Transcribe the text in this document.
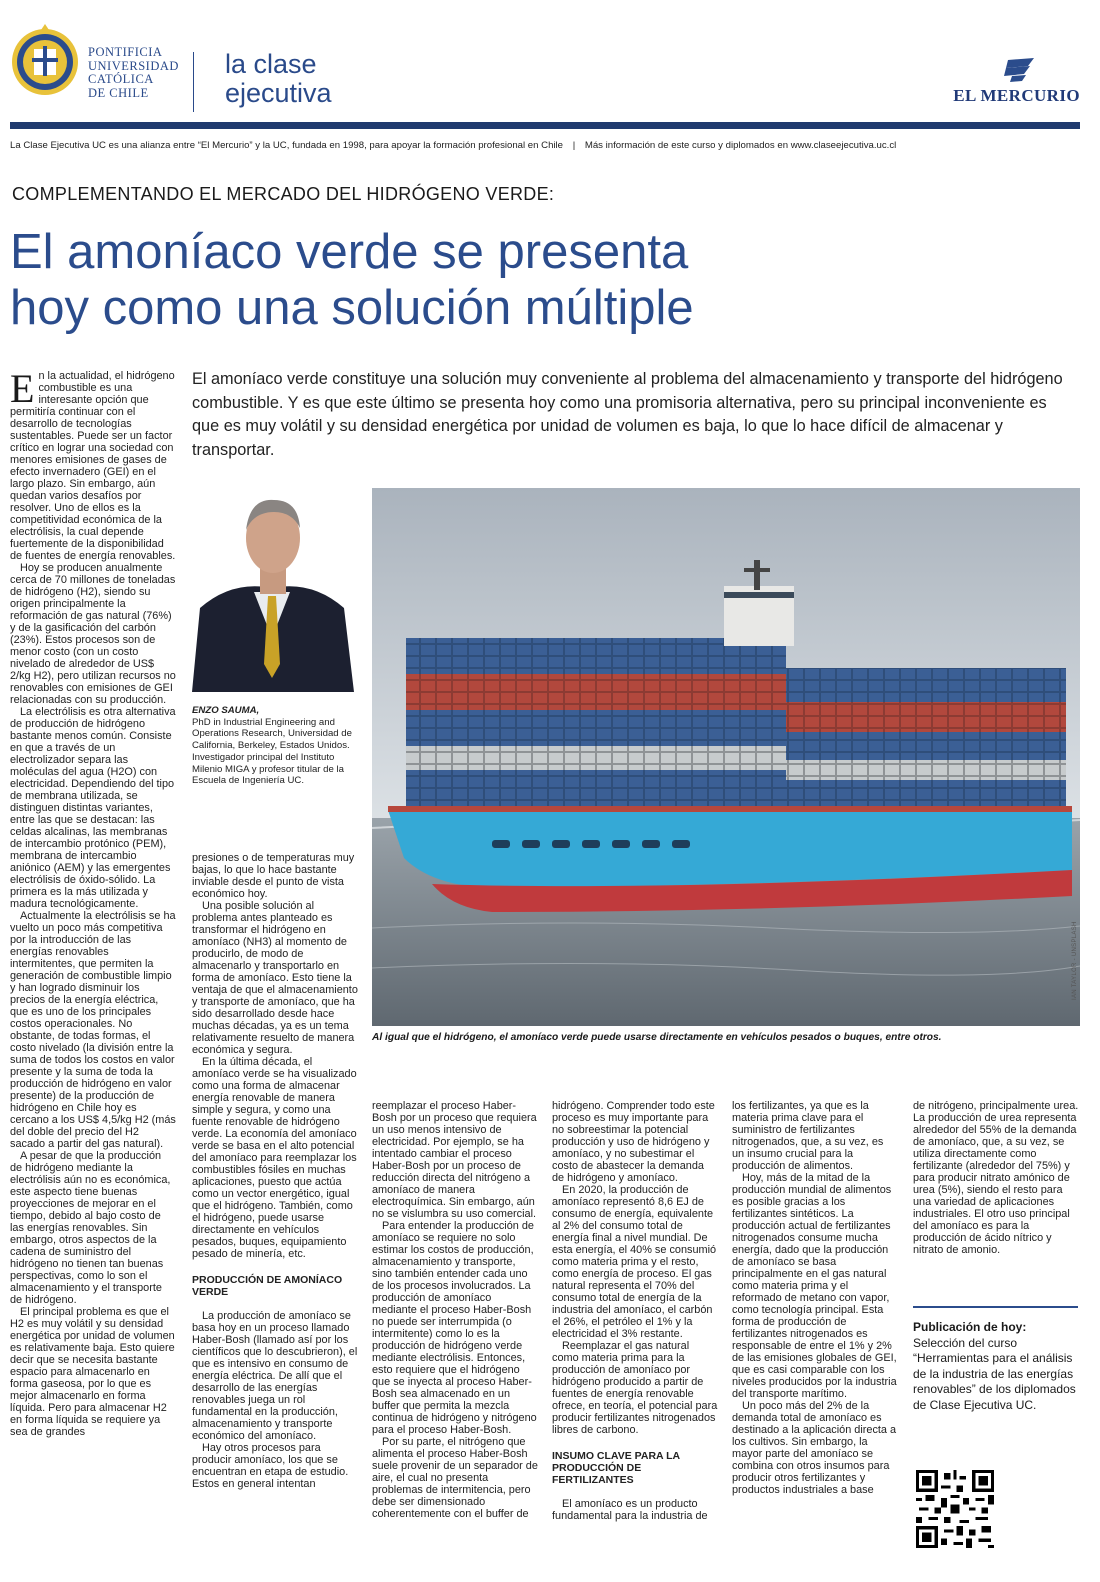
PONTIFICIA
UNIVERSIDAD
CATÓLICA
DE CHILE
la clase
ejecutiva	EL MERCURIO
La Clase Ejecutiva UC es una alianza entre “El Mercurio” y la UC, fundada en 1998, para apoyar la formación profesional en Chile | Más información de este curso y diplomados en www.claseejecutiva.uc.cl
COMPLEMENTANDO EL MERCADO DEL HIDRÓGENO VERDE:
El amoníaco verde se presenta
hoy como una solución múltiple
El amoníaco verde constituye una solución muy conveniente al problema del almacenamiento y transporte del hidrógeno combustible. Y es que este último se presenta hoy como una promisoria alternativa, pero su principal inconveniente es que es muy volátil y su densidad energética por unidad de volumen es baja, lo que lo hace difícil de almacenar y transportar.

En la actualidad, el hidrógeno combustible es una interesante opción que permitiría continuar con el desarrollo de tecnologías sustentables. Puede ser un factor crítico en lograr una sociedad con menores emisiones de gases de efecto invernadero (GEI) en el largo plazo. Sin embargo, aún quedan varios desafíos por resolver. Uno de ellos es la competitividad económica de la electrólisis, la cual depende fuertemente de la disponibilidad de fuentes de energía renovables.

Hoy se producen anualmente cerca de 70 millones de toneladas de hidrógeno (H2), siendo su origen principalmente la reformación de gas natural (76%) y de la gasificación del carbón (23%). Estos procesos son de menor costo (con un costo nivelado de alrededor de US$ 2/kg H2), pero utilizan recursos no renovables con emisiones de GEI relacionadas con su producción.

La electrólisis es otra alternativa de producción de hidrógeno bastante menos común. Consiste en que a través de un electrolizador separa las moléculas del agua (H2O) con electricidad. Dependiendo del tipo de membrana utilizada, se distinguen distintas variantes, entre las que se destacan: las celdas alcalinas, las membranas de intercambio protónico (PEM), membrana de intercambio aniónico (AEM) y las emergentes electrólisis de óxido-sólido. La primera es la más utilizada y madura tecnológicamente.

Actualmente la electrólisis se ha vuelto un poco más competitiva por la introducción de las energías renovables intermitentes, que permiten la generación de combustible limpio y han logrado disminuir los precios de la energía eléctrica, que es uno de los principales costos operacionales. No obstante, de todas formas, el costo nivelado (la división entre la suma de todos los costos en valor presente y la suma de toda la producción de hidrógeno en valor presente) de la producción de hidrógeno en Chile hoy es cercano a los US$ 4,5/kg H2 (más del doble del precio del H2 sacado a partir del gas natural).

A pesar de que la producción de hidrógeno mediante la electrólisis aún no es económica, este aspecto tiene buenas proyecciones de mejorar en el tiempo, debido al bajo costo de las energías renovables. Sin embargo, otros aspectos de la cadena de suministro del hidrógeno no tienen tan buenas perspectivas, como lo son el almacenamiento y el transporte de hidrógeno.

El principal problema es que el H2 es muy volátil y su densidad energética por unidad de volumen es relativamente baja. Esto quiere decir que se necesita bastante espacio para almacenarlo en forma gaseosa, por lo que es mejor almacenarlo en forma líquida. Pero para almacenar H2 en forma líquida se requiere ya sea de grandes

ENZO SAUMA,
PhD in Industrial Engineering and Operations Research, Universidad de California, Berkeley, Estados Unidos. Investigador principal del Instituto Milenio MIGA y profesor titular de la Escuela de Ingeniería UC.

presiones o de temperaturas muy bajas, lo que lo hace bastante inviable desde el punto de vista económico hoy.

Una posible solución al problema antes planteado es transformar el hidrógeno en amoníaco (NH3) al momento de producirlo, de modo de almacenarlo y transportarlo en forma de amoníaco. Esto tiene la ventaja de que el almacenamiento y transporte de amoníaco, que ha sido desarrollado desde hace muchas décadas, ya es un tema relativamente resuelto de manera económica y segura.

En la última década, el amoníaco verde se ha visualizado como una forma de almacenar energía renovable de manera simple y segura, y como una fuente renovable de hidrógeno verde. La economía del amoníaco verde se basa en el alto potencial del amoníaco para reemplazar los combustibles fósiles en muchas aplicaciones, puesto que actúa como un vector energético, igual que el hidrógeno. También, como el hidrógeno, puede usarse directamente en vehículos pesados, buques, equipamiento pesado de minería, etc.

PRODUCCIÓN DE AMONÍACO VERDE

La producción de amoníaco se basa hoy en un proceso llamado Haber-Bosh (llamado así por los científicos que lo descubrieron), el que es intensivo en consumo de energía eléctrica. De allí que el desarrollo de las energías renovables juega un rol fundamental en la producción, almacenamiento y transporte económico del amoníaco.

Hay otros procesos para producir amoníaco, los que se encuentran en etapa de estudio. Estos en general intentan

IAN TAYLOR - UNSPLASH
Al igual que el hidrógeno, el amoníaco verde puede usarse directamente en vehículos pesados o buques, entre otros.

reemplazar el proceso Haber-Bosh por un proceso que requiera un uso menos intensivo de electricidad. Por ejemplo, se ha intentado cambiar el proceso Haber-Bosh por un proceso de reducción directa del nitrógeno a amoníaco de manera electroquímica. Sin embargo, aún no se vislumbra su uso comercial.

Para entender la producción de amoníaco se requiere no solo estimar los costos de producción, almacenamiento y transporte, sino también entender cada uno de los procesos involucrados. La producción de amoníaco mediante el proceso Haber-Bosh no puede ser interrumpida (o intermitente) como lo es la producción de hidrógeno verde mediante electrólisis. Entonces, esto requiere que el hidrógeno que se inyecta al proceso Haber-Bosh sea almacenado en un buffer que permita la mezcla continua de hidrógeno y nitrógeno para el proceso Haber-Bosh.

Por su parte, el nitrógeno que alimenta el proceso Haber-Bosh suele provenir de un separador de aire, el cual no presenta problemas de intermitencia, pero debe ser dimensionado coherentemente con el buffer de

hidrógeno. Comprender todo este proceso es muy importante para no sobreestimar la potencial producción y uso de hidrógeno y amoníaco, y no subestimar el costo de abastecer la demanda de hidrógeno y amoníaco.

En 2020, la producción de amoníaco representó 8,6 EJ de consumo de energía, equivalente al 2% del consumo total de energía final a nivel mundial. De esta energía, el 40% se consumió como materia prima y el resto, como energía de proceso. El gas natural representa el 70% del consumo total de energía de la industria del amoníaco, el carbón el 26%, el petróleo el 1% y la electricidad el 3% restante.

Reemplazar el gas natural como materia prima para la producción de amoníaco por hidrógeno producido a partir de fuentes de energía renovable ofrece, en teoría, el potencial para producir fertilizantes nitrogenados libres de carbono.

INSUMO CLAVE PARA LA PRODUCCIÓN DE FERTILIZANTES

El amoníaco es un producto fundamental para la industria de

los fertilizantes, ya que es la materia prima clave para el suministro de fertilizantes nitrogenados, que, a su vez, es un insumo crucial para la producción de alimentos.

Hoy, más de la mitad de la producción mundial de alimentos es posible gracias a los fertilizantes sintéticos. La producción actual de fertilizantes nitrogenados consume mucha energía, dado que la producción de amoníaco se basa principalmente en el gas natural como materia prima y el reformado de metano con vapor, como tecnología principal. Esta forma de producción de fertilizantes nitrogenados es responsable de entre el 1% y 2% de las emisiones globales de GEI, que es casi comparable con los niveles producidos por la industria del transporte marítimo.

Un poco más del 2% de la demanda total de amoníaco es destinado a la aplicación directa a los cultivos. Sin embargo, la mayor parte del amoníaco se combina con otros insumos para producir otros fertilizantes y productos industriales a base

de nitrógeno, principalmente urea. La producción de urea representa alrededor del 55% de la demanda de amoníaco, que, a su vez, se utiliza directamente como fertilizante (alrededor del 75%) y para producir nitrato amónico de urea (5%), siendo el resto para una variedad de aplicaciones industriales. El otro uso principal del amoníaco es para la producción de ácido nítrico y nitrato de amonio.

Publicación de hoy:
Selección del curso “Herramientas para el análisis de la industria de las energías renovables” de los diplomados de Clase Ejecutiva UC.
